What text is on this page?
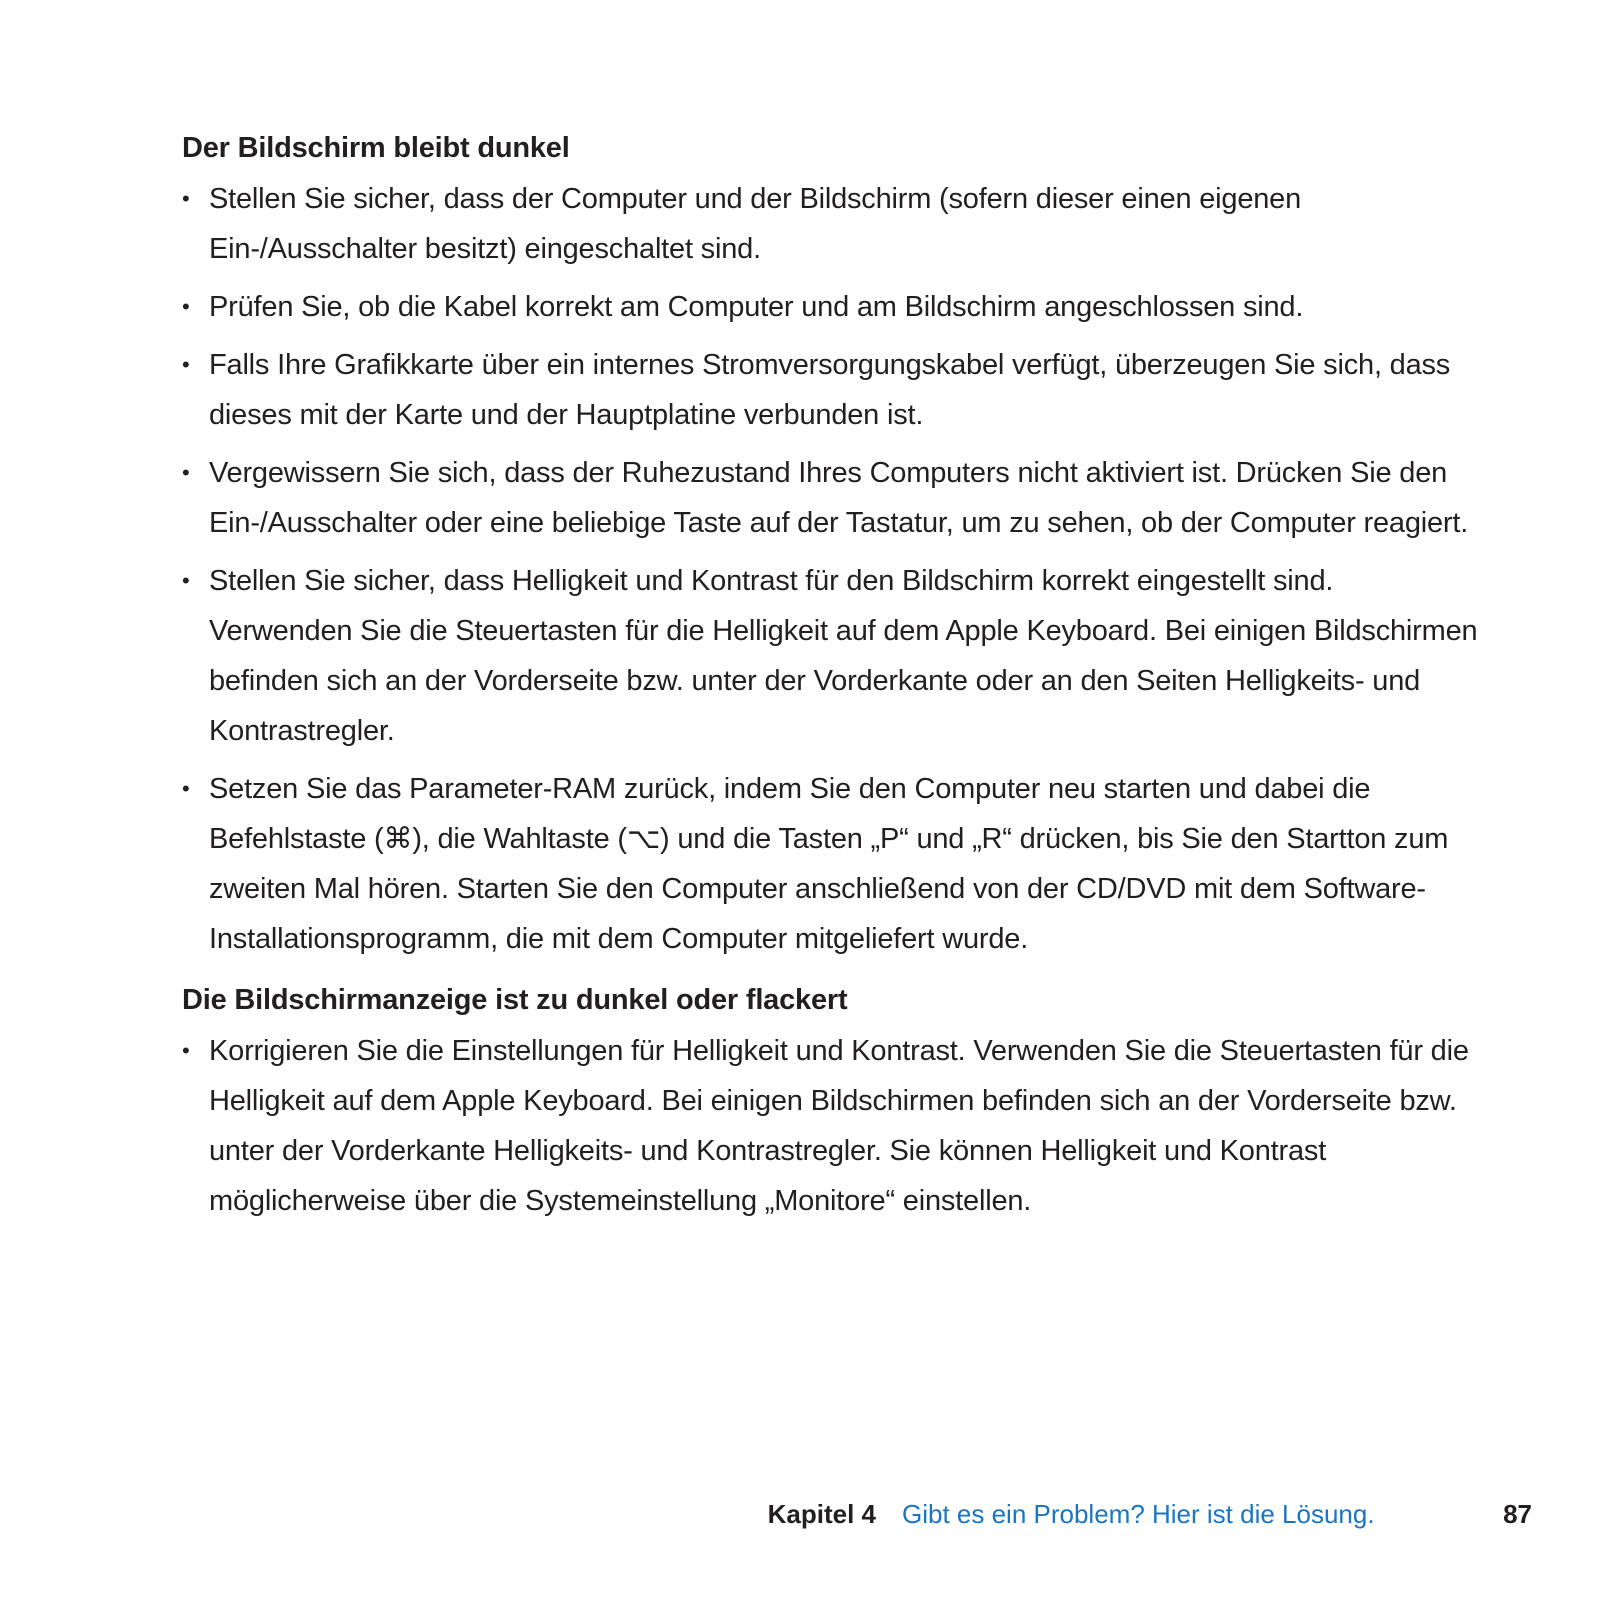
Der Bildschirm bleibt dunkel
• Stellen Sie sicher, dass der Computer und der Bildschirm (sofern dieser einen eigenen Ein-/Ausschalter besitzt) eingeschaltet sind.
• Prüfen Sie, ob die Kabel korrekt am Computer und am Bildschirm angeschlossen sind.
• Falls Ihre Grafikkarte über ein internes Stromversorgungskabel verfügt, überzeugen Sie sich, dass dieses mit der Karte und der Hauptplatine verbunden ist.
• Vergewissern Sie sich, dass der Ruhezustand Ihres Computers nicht aktiviert ist. Drücken Sie den Ein-/Ausschalter oder eine beliebige Taste auf der Tastatur, um zu sehen, ob der Computer reagiert.
• Stellen Sie sicher, dass Helligkeit und Kontrast für den Bildschirm korrekt eingestellt sind. Verwenden Sie die Steuertasten für die Helligkeit auf dem Apple Keyboard. Bei einigen Bildschirmen befinden sich an der Vorderseite bzw. unter der Vorderkante oder an den Seiten Helligkeits- und Kontrastregler.
• Setzen Sie das Parameter-RAM zurück, indem Sie den Computer neu starten und dabei die Befehlstaste (⌘), die Wahltaste (⌥) und die Tasten „P“ und „R“ drücken, bis Sie den Startton zum zweiten Mal hören. Starten Sie den Computer anschließend von der CD/DVD mit dem Software-Installationsprogramm, die mit dem Computer mitgeliefert wurde.
Die Bildschirmanzeige ist zu dunkel oder flackert
• Korrigieren Sie die Einstellungen für Helligkeit und Kontrast. Verwenden Sie die Steuertasten für die Helligkeit auf dem Apple Keyboard. Bei einigen Bildschirmen befinden sich an der Vorderseite bzw. unter der Vorderkante Helligkeits- und Kontrastregler. Sie können Helligkeit und Kontrast möglicherweise über die Systemeinstellung „Monitore“ einstellen.
Kapitel 4 Gibt es ein Problem? Hier ist die Lösung.	87
